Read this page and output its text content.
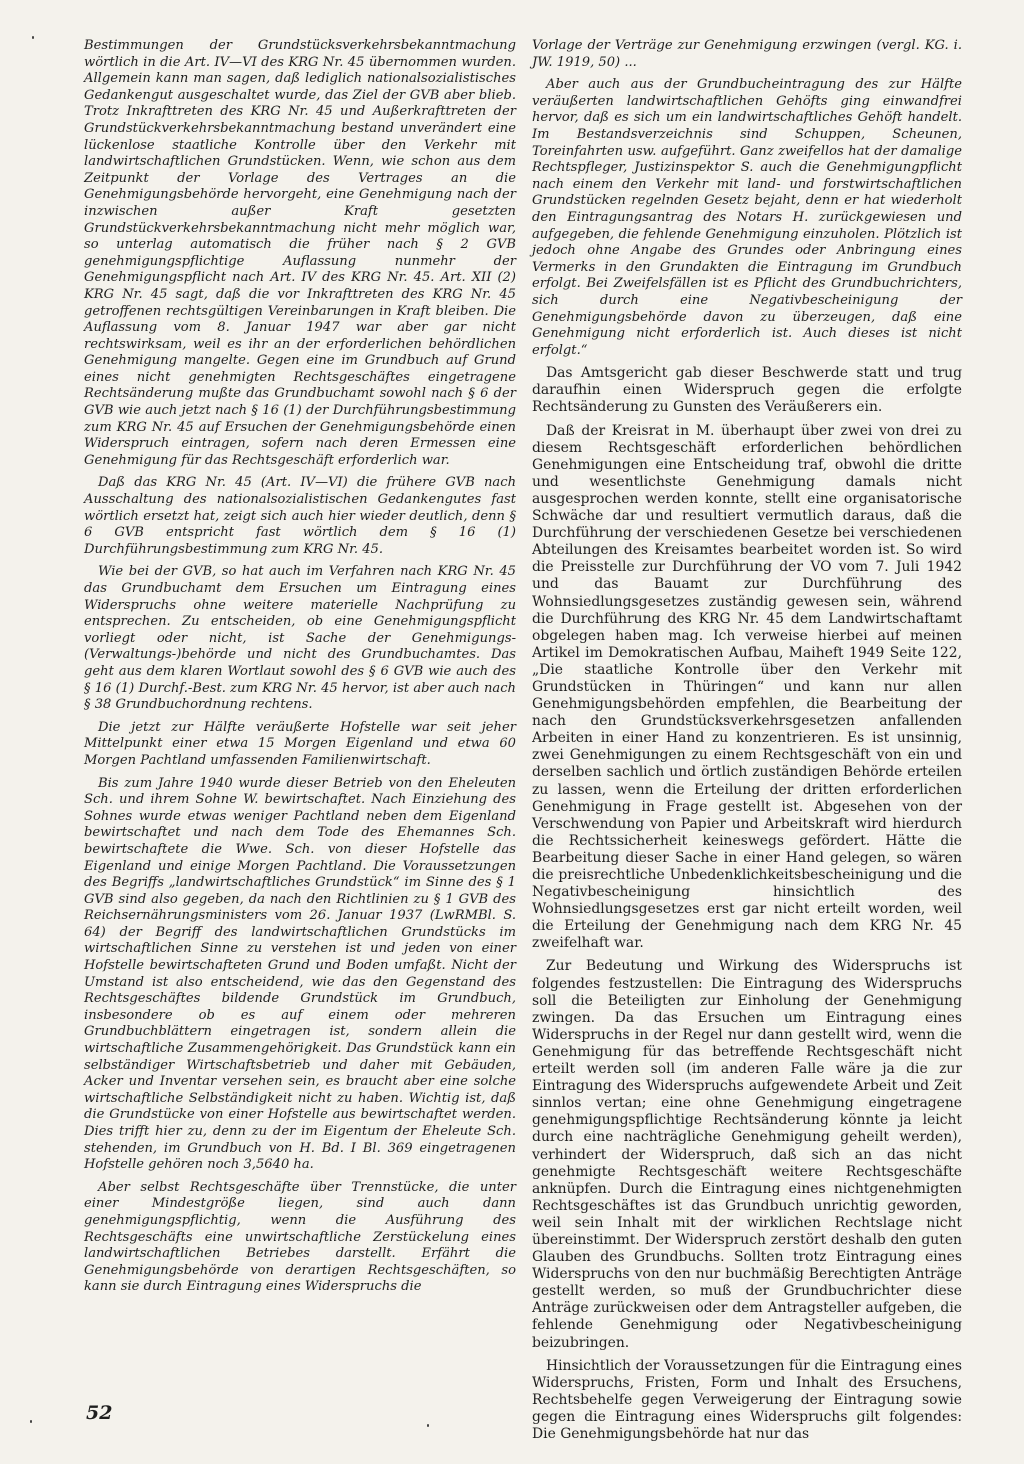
Bestimmungen der Grundstücksverkehrsbekanntmachung wörtlich in die Art. IV—VI des KRG Nr. 45 übernommen wurden. Allgemein kann man sagen, daß lediglich nationalsozialistisches Gedankengut ausgeschaltet wurde, das Ziel der GVB aber blieb. Trotz Inkrafttreten des KRG Nr. 45 und Außerkrafttreten der Grundstückverkehrsbekanntmachung bestand unverändert eine lückenlose staatliche Kontrolle über den Verkehr mit landwirtschaftlichen Grundstücken. Wenn, wie schon aus dem Zeitpunkt der Vorlage des Vertrages an die Genehmigungsbehörde hervorgeht, eine Genehmigung nach der inzwischen außer Kraft gesetzten Grundstückverkehrsbekanntmachung nicht mehr möglich war, so unterlag automatisch die früher nach § 2 GVB genehmigungspflichtige Auflassung nunmehr der Genehmigungspflicht nach Art. IV des KRG Nr. 45. Art. XII (2) KRG Nr. 45 sagt, daß die vor Inkrafttreten des KRG Nr. 45 getroffenen rechtsgültigen Vereinbarungen in Kraft bleiben. Die Auflassung vom 8. Januar 1947 war aber gar nicht rechtswirksam, weil es ihr an der erforderlichen behördlichen Genehmigung mangelte. Gegen eine im Grundbuch auf Grund eines nicht genehmigten Rechtsgeschäftes eingetragene Rechtsänderung mußte das Grundbuchamt sowohl nach § 6 der GVB wie auch jetzt nach § 16 (1) der Durchführungsbestimmung zum KRG Nr. 45 auf Ersuchen der Genehmigungsbehörde einen Widerspruch eintragen, sofern nach deren Ermessen eine Genehmigung für das Rechtsgeschäft erforderlich war.

Daß das KRG Nr. 45 (Art. IV—VI) die frühere GVB nach Ausschaltung des nationalsozialistischen Gedankengutes fast wörtlich ersetzt hat, zeigt sich auch hier wieder deutlich, denn § 6 GVB entspricht fast wörtlich dem § 16 (1) Durchführungsbestimmung zum KRG Nr. 45.

Wie bei der GVB, so hat auch im Verfahren nach KRG Nr. 45 das Grundbuchamt dem Ersuchen um Eintragung eines Widerspruchs ohne weitere materielle Nachprüfung zu entsprechen. Zu entscheiden, ob eine Genehmigungspflicht vorliegt oder nicht, ist Sache der Genehmigungs-(Verwaltungs-)behörde und nicht des Grundbuchamtes. Das geht aus dem klaren Wortlaut sowohl des § 6 GVB wie auch des § 16 (1) Durchf.-Best. zum KRG Nr. 45 hervor, ist aber auch nach § 38 Grundbuchordnung rechtens.

Die jetzt zur Hälfte veräußerte Hofstelle war seit jeher Mittelpunkt einer etwa 15 Morgen Eigenland und etwa 60 Morgen Pachtland umfassenden Familienwirtschaft.

Bis zum Jahre 1940 wurde dieser Betrieb von den Eheleuten Sch. und ihrem Sohne W. bewirtschaftet. Nach Einziehung des Sohnes wurde etwas weniger Pachtland neben dem Eigenland bewirtschaftet und nach dem Tode des Ehemannes Sch. bewirtschaftete die Wwe. Sch. von dieser Hofstelle das Eigenland und einige Morgen Pachtland. Die Voraussetzungen des Begriffs „landwirtschaftliches Grundstück“ im Sinne des § 1 GVB sind also gegeben, da nach den Richtlinien zu § 1 GVB des Reichsernährungsministers vom 26. Januar 1937 (LwRMBl. S. 64) der Begriff des landwirtschaftlichen Grundstücks im wirtschaftlichen Sinne zu verstehen ist und jeden von einer Hofstelle bewirtschafteten Grund und Boden umfaßt. Nicht der Umstand ist also entscheidend, wie das den Gegenstand des Rechtsgeschäftes bildende Grundstück im Grundbuch, insbesondere ob es auf einem oder mehreren Grundbuchblättern eingetragen ist, sondern allein die wirtschaftliche Zusammengehörigkeit. Das Grundstück kann ein selbständiger Wirtschaftsbetrieb und daher mit Gebäuden, Acker und Inventar versehen sein, es braucht aber eine solche wirtschaftliche Selbständigkeit nicht zu haben. Wichtig ist, daß die Grundstücke von einer Hofstelle aus bewirtschaftet werden. Dies trifft hier zu, denn zu der im Eigentum der Eheleute Sch. stehenden, im Grundbuch von H. Bd. I Bl. 369 eingetragenen Hofstelle gehören noch 3,5640 ha.

Aber selbst Rechtsgeschäfte über Trennstücke, die unter einer Mindestgröße liegen, sind auch dann genehmigungspflichtig, wenn die Ausführung des Rechtsgeschäfts eine unwirtschaftliche Zerstückelung eines landwirtschaftlichen Betriebes darstellt. Erfährt die Genehmigungsbehörde von derartigen Rechtsgeschäften, so kann sie durch Eintragung eines Widerspruchs die

Vorlage der Verträge zur Genehmigung erzwingen (vergl. KG. i. JW. 1919, 50) ...

Aber auch aus der Grundbucheintragung des zur Hälfte veräußerten landwirtschaftlichen Gehöfts ging einwandfrei hervor, daß es sich um ein landwirtschaftliches Gehöft handelt. Im Bestandsverzeichnis sind Schuppen, Scheunen, Toreinfahrten usw. aufgeführt. Ganz zweifellos hat der damalige Rechtspfleger, Justizinspektor S. auch die Genehmigungpflicht nach einem den Verkehr mit land- und forstwirtschaftlichen Grundstücken regelnden Gesetz bejaht, denn er hat wiederholt den Eintragungsantrag des Notars H. zurückgewiesen und aufgegeben, die fehlende Genehmigung einzuholen. Plötzlich ist jedoch ohne Angabe des Grundes oder Anbringung eines Vermerks in den Grundakten die Eintragung im Grundbuch erfolgt. Bei Zweifelsfällen ist es Pflicht des Grundbuchrichters, sich durch eine Negativbescheinigung der Genehmigungsbehörde davon zu überzeugen, daß eine Genehmigung nicht erforderlich ist. Auch dieses ist nicht erfolgt.“

Das Amtsgericht gab dieser Beschwerde statt und trug daraufhin einen Widerspruch gegen die erfolgte Rechtsänderung zu Gunsten des Veräußerers ein.

Daß der Kreisrat in M. überhaupt über zwei von drei zu diesem Rechtsgeschäft erforderlichen behördlichen Genehmigungen eine Entscheidung traf, obwohl die dritte und wesentlichste Genehmigung damals nicht ausgesprochen werden konnte, stellt eine organisatorische Schwäche dar und resultiert vermutlich daraus, daß die Durchführung der verschiedenen Gesetze bei verschiedenen Abteilungen des Kreisamtes bearbeitet worden ist. So wird die Preisstelle zur Durchführung der VO vom 7. Juli 1942 und das Bauamt zur Durchführung des Wohnsiedlungsgesetzes zuständig gewesen sein, während die Durchführung des KRG Nr. 45 dem Landwirtschaftamt obgelegen haben mag. Ich verweise hierbei auf meinen Artikel im Demokratischen Aufbau, Maiheft 1949 Seite 122, „Die staatliche Kontrolle über den Verkehr mit Grundstücken in Thüringen“ und kann nur allen Genehmigungsbehörden empfehlen, die Bearbeitung der nach den Grundstücksverkehrsgesetzen anfallenden Arbeiten in einer Hand zu konzentrieren. Es ist unsinnig, zwei Genehmigungen zu einem Rechtsgeschäft von ein und derselben sachlich und örtlich zuständigen Behörde erteilen zu lassen, wenn die Erteilung der dritten erforderlichen Genehmigung in Frage gestellt ist. Abgesehen von der Verschwendung von Papier und Arbeitskraft wird hierdurch die Rechtssicherheit keineswegs gefördert. Hätte die Bearbeitung dieser Sache in einer Hand gelegen, so wären die preisrechtliche Unbedenklichkeitsbescheinigung und die Negativbescheinigung hinsichtlich des Wohnsiedlungsgesetzes erst gar nicht erteilt worden, weil die Erteilung der Genehmigung nach dem KRG Nr. 45 zweifelhaft war.

Zur Bedeutung und Wirkung des Widerspruchs ist folgendes festzustellen: Die Eintragung des Widerspruchs soll die Beteiligten zur Einholung der Genehmigung zwingen. Da das Ersuchen um Eintragung eines Widerspruchs in der Regel nur dann gestellt wird, wenn die Genehmigung für das betreffende Rechtsgeschäft nicht erteilt werden soll (im anderen Falle wäre ja die zur Eintragung des Widerspruchs aufgewendete Arbeit und Zeit sinnlos vertan; eine ohne Genehmigung eingetragene genehmigungspflichtige Rechtsänderung könnte ja leicht durch eine nachträgliche Genehmigung geheilt werden), verhindert der Widerspruch, daß sich an das nicht genehmigte Rechtsgeschäft weitere Rechtsgeschäfte anknüpfen. Durch die Eintragung eines nichtgenehmigten Rechtsgeschäftes ist das Grundbuch unrichtig geworden, weil sein Inhalt mit der wirklichen Rechtslage nicht übereinstimmt. Der Widerspruch zerstört deshalb den guten Glauben des Grundbuchs. Sollten trotz Eintragung eines Widerspruchs von den nur buchmäßig Berechtigten Anträge gestellt werden, so muß der Grundbuchrichter diese Anträge zurückweisen oder dem Antragsteller aufgeben, die fehlende Genehmigung oder Negativbescheinigung beizubringen.

Hinsichtlich der Voraussetzungen für die Eintragung eines Widerspruchs, Fristen, Form und Inhalt des Ersuchens, Rechtsbehelfe gegen Verweigerung der Eintragung sowie gegen die Eintragung eines Widerspruchs gilt folgendes: Die Genehmigungsbehörde hat nur das

52
